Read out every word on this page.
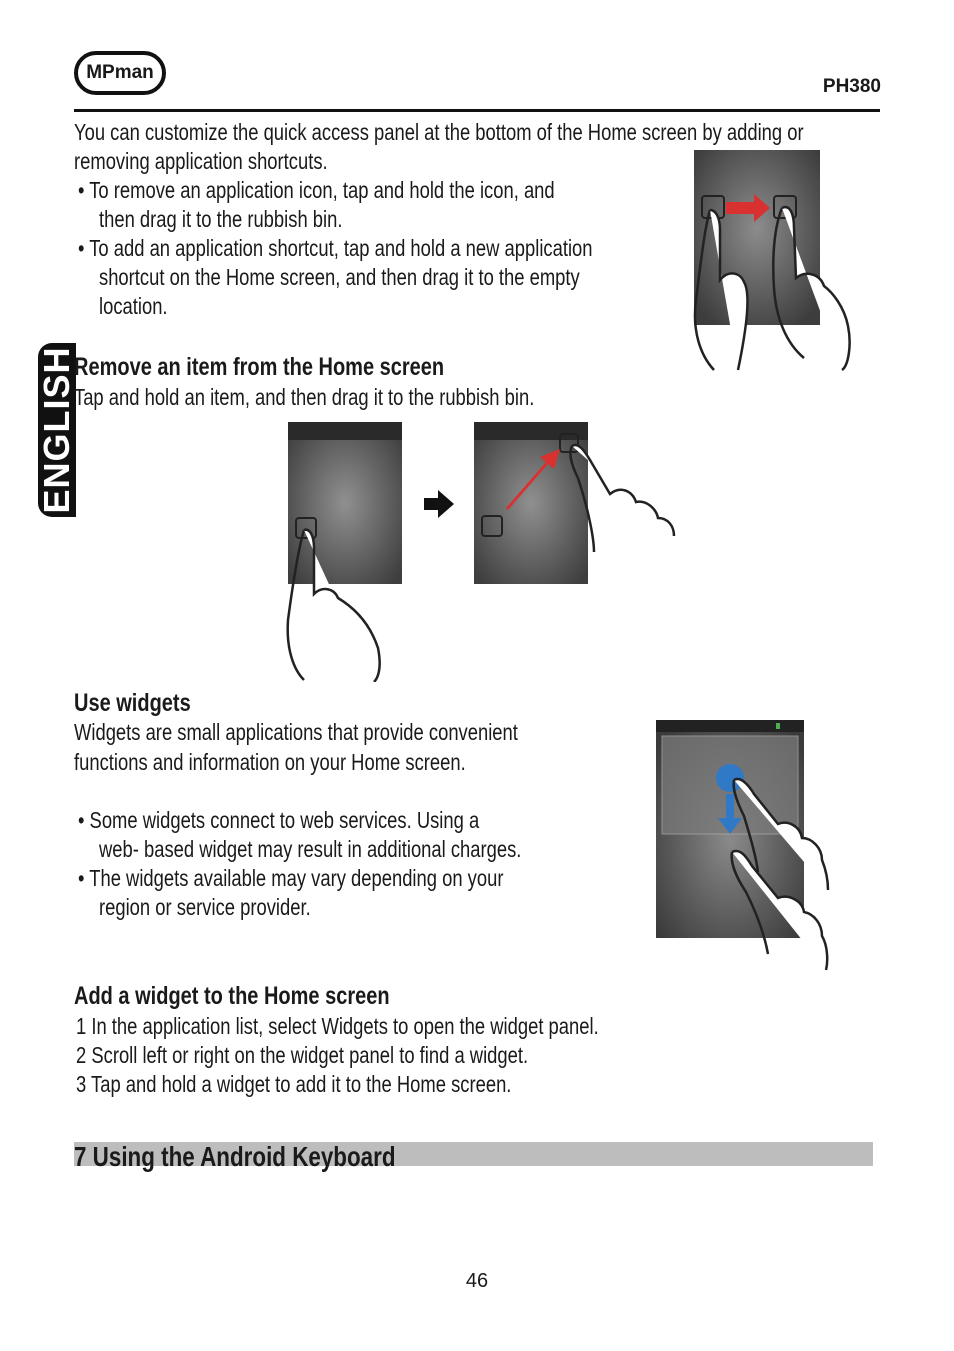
MPman
PH380
ENGLISH
You can customize the quick access panel at the bottom of the Home screen by adding or
removing application shortcuts.
• To remove an application icon, tap and hold the icon, and
then drag it to the rubbish bin.
• To add an application shortcut, tap and hold a new application
shortcut on the Home screen, and then drag it to the empty
location.
Remove an item from the Home screen
Tap and hold an item, and then drag it to the rubbish bin.
Use widgets
Widgets are small applications that provide convenient
functions and information on your Home screen.
• Some widgets connect to web services. Using a
web- based widget may result in additional charges.
• The widgets available may vary depending on your
region or service provider.
Add a widget to the Home screen
1 In the application list, select Widgets to open the widget panel.
2 Scroll left or right on the widget panel to find a widget.
3 Tap and hold a widget to add it to the Home screen.
7 Using the Android Keyboard
46
